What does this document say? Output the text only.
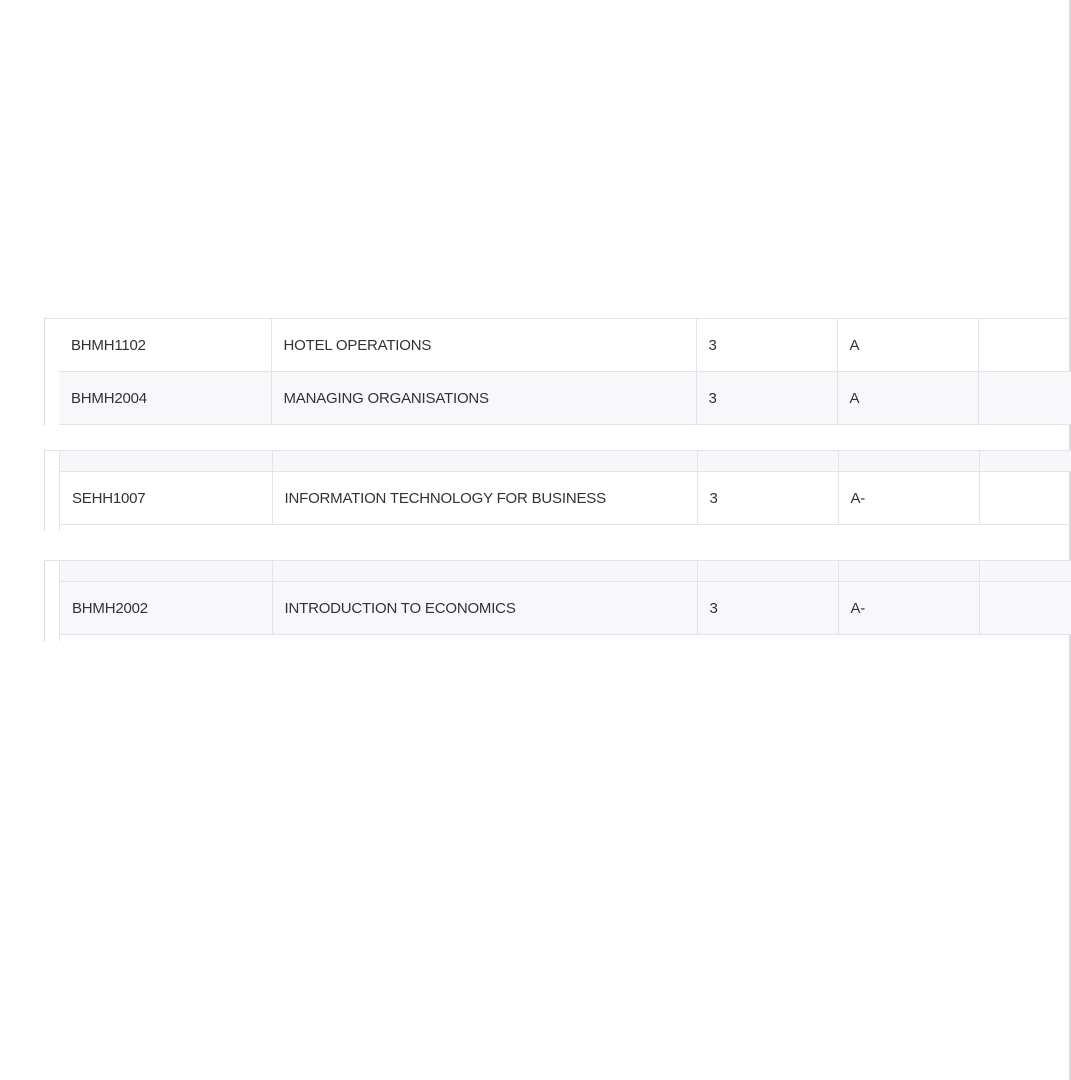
BHMH1102	HOTEL OPERATIONS	3	A	
BHMH2004	MANAGING ORGANISATIONS	3	A	

SEHH1007	INFORMATION TECHNOLOGY FOR BUSINESS	3	A-	

BHMH2002	INTRODUCTION TO ECONOMICS	3	A-	
